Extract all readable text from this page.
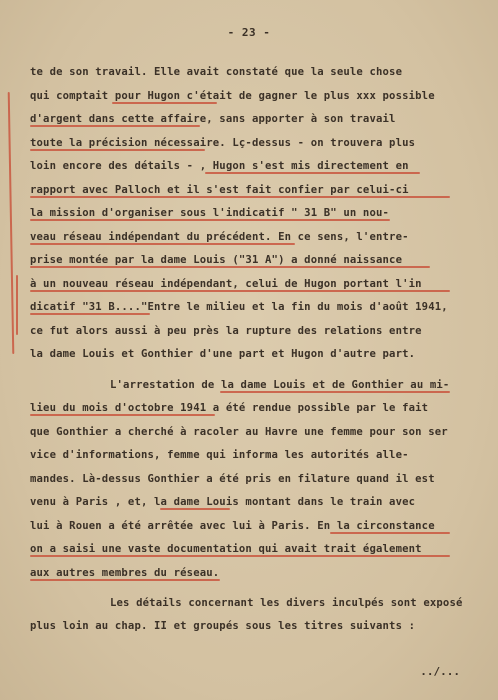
- 23 -
te de son travail. Elle avait constaté que la seule chose
qui comptait pour Hugon c'était de gagner le plus xxx possible
d'argent dans cette affaire, sans apporter à son travail
toute la précision nécessaire. Lç-dessus - on trouvera plus
loin encore des détails - , Hugon s'est mis directement en
rapport avec Palloch et il s'est fait confier par celui-ci
la mission d'organiser sous l'indicatif " 31 B" un nou-
veau réseau indépendant du précédent. En ce sens, l'entre-
prise montée par la dame Louis ("31 A") a donné naissance
à un nouveau réseau indépendant, celui de Hugon portant l'in
dicatif "31 B...."Entre le milieu et la fin du mois d'août 1941,
ce fut alors aussi à peu près la rupture des relations entre
la dame Louis et Gonthier d'une part et Hugon d'autre part.
L'arrestation de la dame Louis et de Gonthier au mi-
lieu du mois d'octobre 1941 a été rendue possible par le fait
que Gonthier a cherché à racoler au Havre une femme pour son ser
vice d'informations, femme qui informa les autorités alle-
mandes. Là-dessus Gonthier a été pris en filature quand il est
venu à Paris , et, la dame Louis montant dans le train avec
lui à Rouen a été arrêtée avec lui à Paris. En la circonstance
on a saisi une vaste documentation qui avait trait également
aux autres membres du réseau.
Les détails concernant les divers inculpés sont exposé
plus loin au chap. II et groupés sous les titres suivants :
../...
